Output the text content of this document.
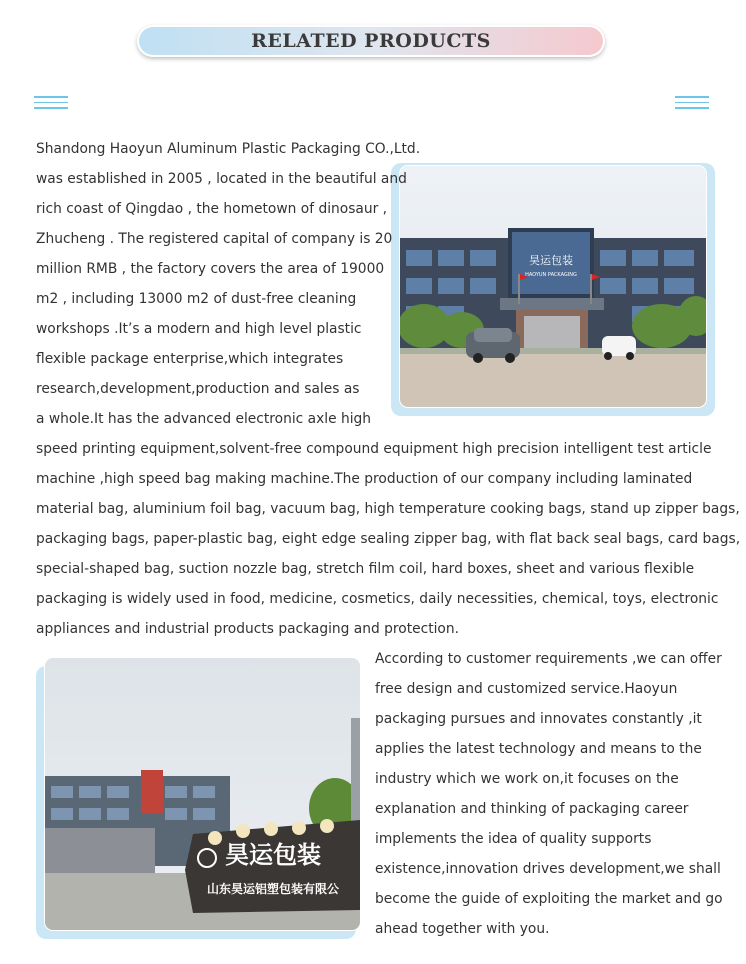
RELATED PRODUCTS
昊运包装
HAOYUN PACKAGING
Shandong Haoyun Aluminum Plastic Packaging CO.,Ltd.
was established in 2005 , located in the beautiful and
rich coast of Qingdao , the hometown of dinosaur ,
Zhucheng . The registered capital of company is 20
million RMB , the factory covers the area of 19000
m2 , including 13000 m2 of dust-free cleaning
workshops .It’s a modern and high level plastic
flexible package enterprise,which integrates
research,development,production and sales as
a whole.It has the advanced electronic axle high
speed printing equipment,solvent-free compound equipment high precision intelligent test article
machine ,high speed bag making machine.The production of our company including laminated
material bag, aluminium foil bag, vacuum bag, high temperature cooking bags, stand up zipper bags,
packaging bags, paper-plastic bag, eight edge sealing zipper bag, with flat back seal bags, card bags,
special-shaped bag, suction nozzle bag, stretch film coil, hard boxes, sheet and various flexible
packaging is widely used in food, medicine, cosmetics, daily necessities, chemical, toys, electronic
appliances and industrial products packaging and protection.
昊运包装
山东昊运铝塑包装有限公
According to customer requirements ,we can offer
free design and customized service.Haoyun
packaging pursues and innovates constantly ,it
applies the latest technology and means to the
industry which we work on,it focuses on the
explanation and thinking of packaging career
implements the idea of quality supports
existence,innovation drives development,we shall
become the guide of exploiting the market and go
ahead together with you.
